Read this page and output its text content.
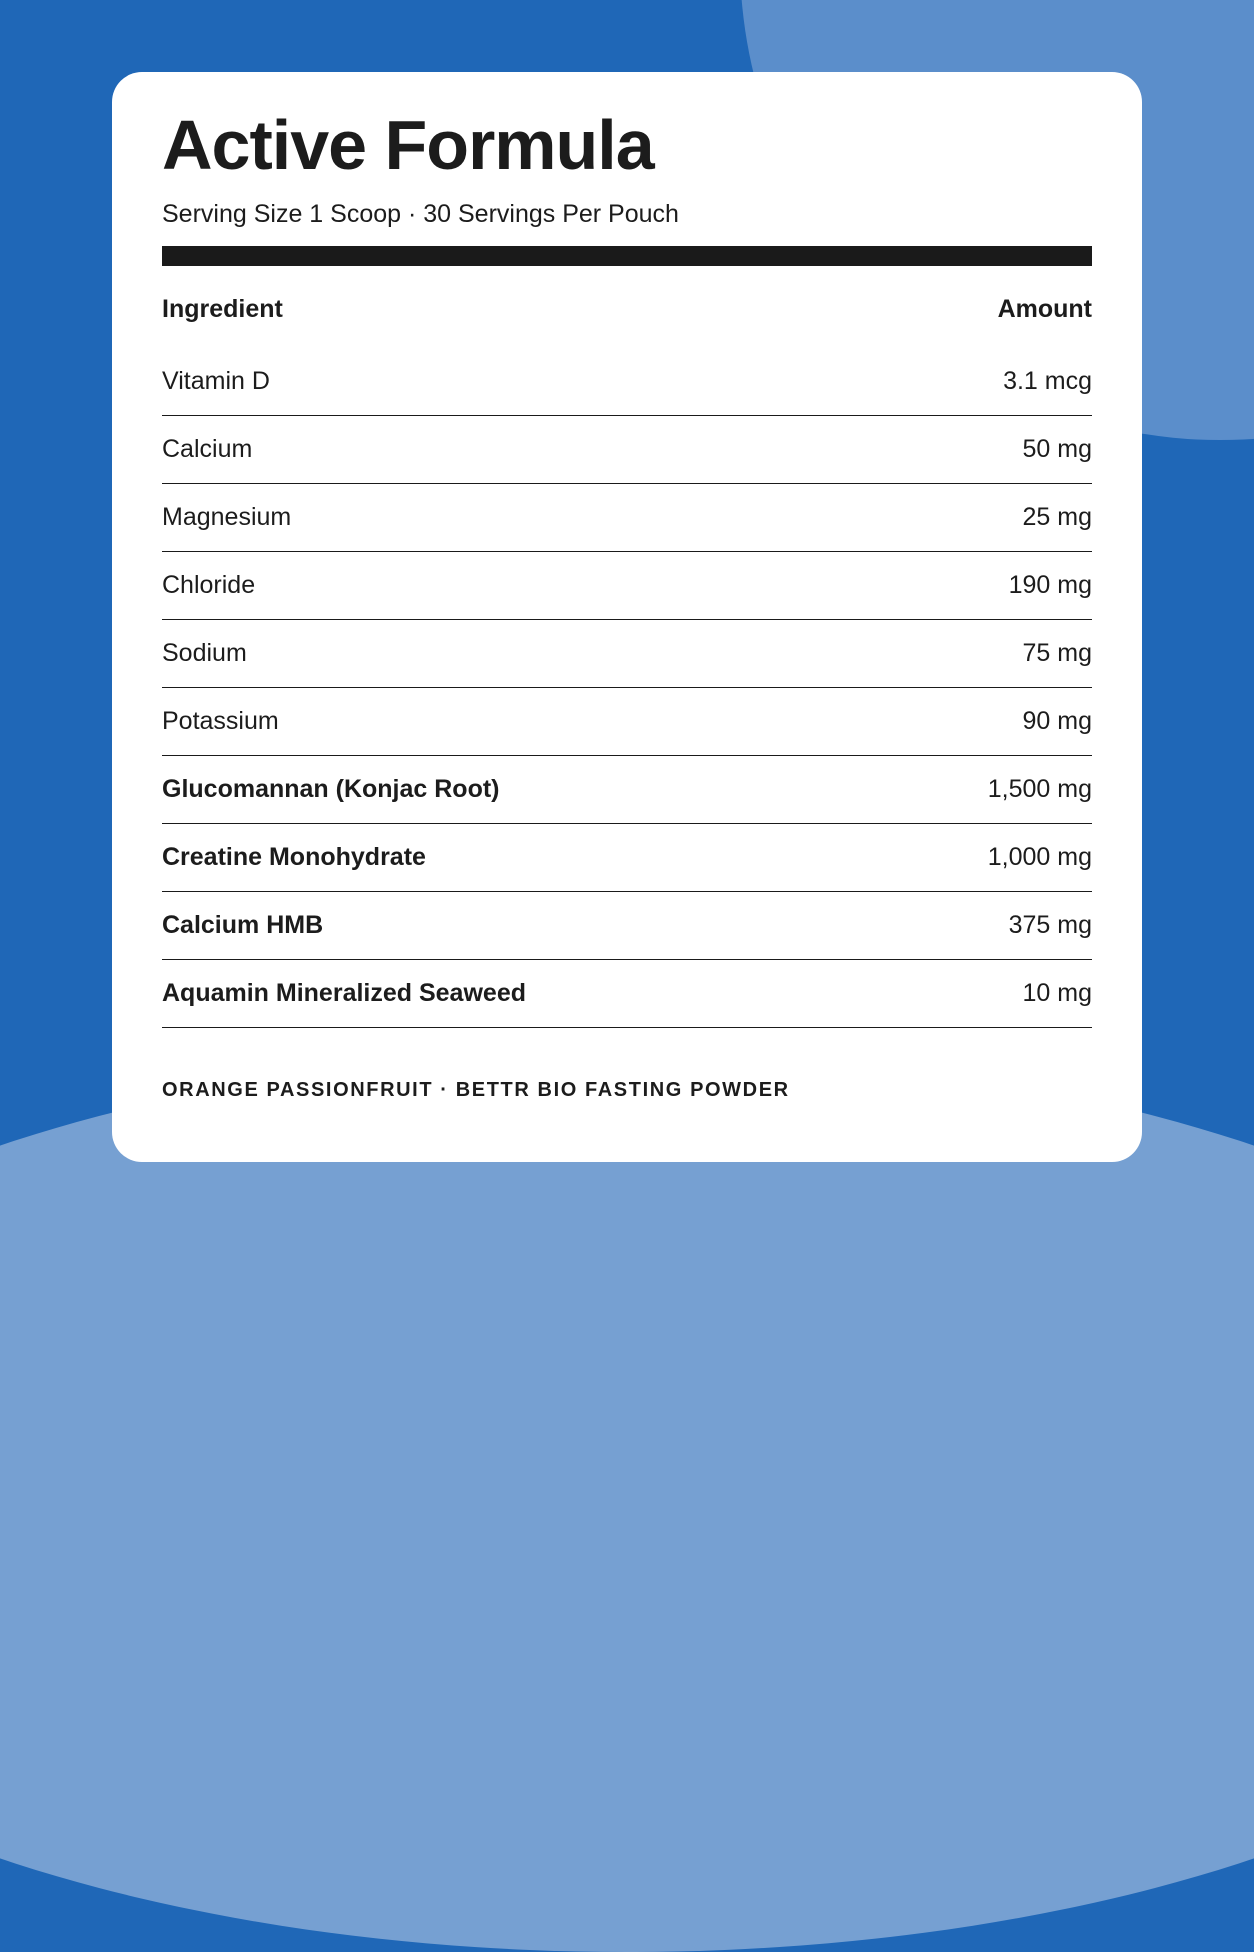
Active Formula
Serving Size 1 Scoop · 30 Servings Per Pouch
Ingredient	Amount
Vitamin D	3.1 mcg
Calcium	50 mg
Magnesium	25 mg
Chloride	190 mg
Sodium	75 mg
Potassium	90 mg
Glucomannan (Konjac Root)	1,500 mg
Creatine Monohydrate	1,000 mg
Calcium HMB	375 mg
Aquamin Mineralized Seaweed	10 mg
ORANGE PASSIONFRUIT · BETTR BIO FASTING POWDER
